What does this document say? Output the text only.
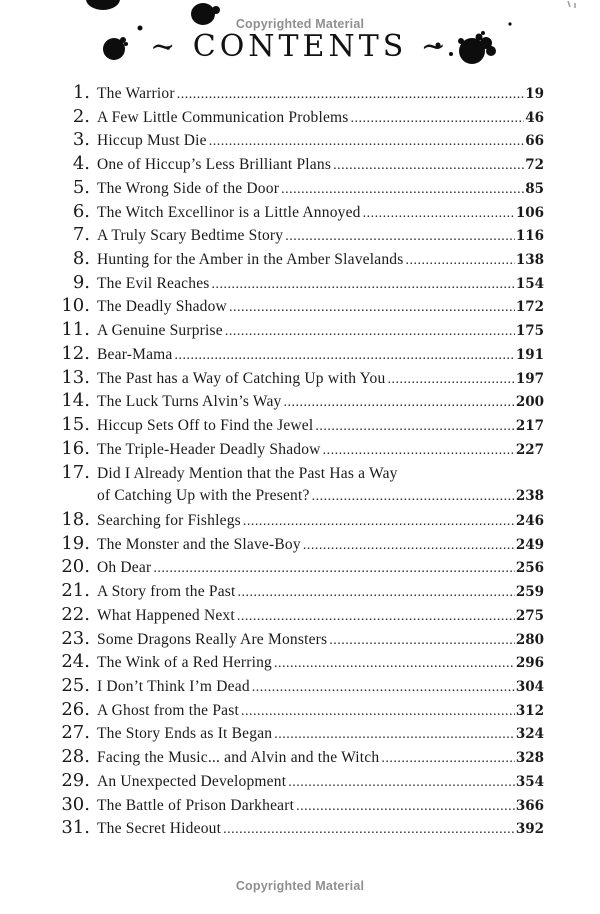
Copyrighted Material
~ CONTENTS ~
1. The Warrior .....	19
2. A Few Little Communication Problems .....	46
3. Hiccup Must Die .....	66
4. One of Hiccup’s Less Brilliant Plans .....	72
5. The Wrong Side of the Door .....	85
6. The Witch Excellinor is a Little Annoyed .....	106
7. A Truly Scary Bedtime Story .....	116
8. Hunting for the Amber in the Amber Slavelands .....	138
9. The Evil Reaches .....	154
10. The Deadly Shadow .....	172
11. A Genuine Surprise .....	175
12. Bear-Mama .....	191
13. The Past has a Way of Catching Up with You .....	197
14. The Luck Turns Alvin’s Way .....	200
15. Hiccup Sets Off to Find the Jewel .....	217
16. The Triple-Header Deadly Shadow .....	227
17. Did I Already Mention that the Past Has a Way
of Catching Up with the Present? .....	238
18. Searching for Fishlegs .....	246
19. The Monster and the Slave-Boy .....	249
20. Oh Dear .....	256
21. A Story from the Past .....	259
22. What Happened Next .....	275
23. Some Dragons Really Are Monsters .....	280
24. The Wink of a Red Herring .....	296
25. I Don’t Think I’m Dead .....	304
26. A Ghost from the Past .....	312
27. The Story Ends as It Began .....	324
28. Facing the Music... and Alvin and the Witch .....	328
29. An Unexpected Development .....	354
30. The Battle of Prison Darkheart .....	366
31. The Secret Hideout .....	392
Copyrighted Material
